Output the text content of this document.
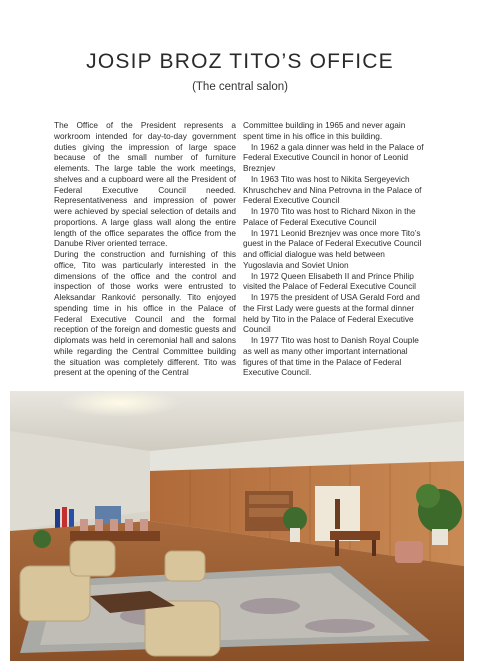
JOSIP BROZ TITO’S OFFICE
(The central salon)

The Office of the President represents a workroom intended for day-to-day government duties giving the impression of large space because of the small number of furniture elements. The large table the work meetings, shelves and a cupboard were all the President of Federal Executive Council needed. Representativeness and impression of power were achieved by special selection of details and proportions. A large glass wall along the entire length of the office separates the office from the Danube River oriented terrace.

During the construction and furnishing of this office, Tito was particularly interested in the dimensions of the office and the control and inspection of those works were entrusted to Aleksandar Ranković personally. Tito enjoyed spending time in his office in the Palace of Federal Executive Council and the formal reception of the foreign and domestic guests and diplomats was held in ceremonial hall and salons while regarding the Central Committee building the situation was completely different. Tito was present at the opening of the Central

Committee building in 1965 and never again spent time in his office in this building.

In 1962 a gala dinner was held in the Palace of Federal Executive Council in honor of Leonid Breznjev

In 1963 Tito was host to Nikita Sergeyevich Khruschchev and Nina Petrovna in the Palace of Federal Executive Council

In 1970 Tito was host to Richard Nixon in the Palace of Federal Executive Council

In 1971 Leonid Breznjev was once more Tito’s guest in the Palace of Federal Executive Council and official dialogue was held between Yugoslavia and Soviet Union

In 1972 Queen Elisabeth II and Prince Philip visited the Palace of Federal Executive Council

In 1975 the president of USA Gerald Ford and the First Lady were guests at the formal dinner held by Tito in the Palace of Federal Executive Council

In 1977 Tito was host to Danish Royal Couple as well as many other important international figures of that time in the Palace of Federal Executive Council.
